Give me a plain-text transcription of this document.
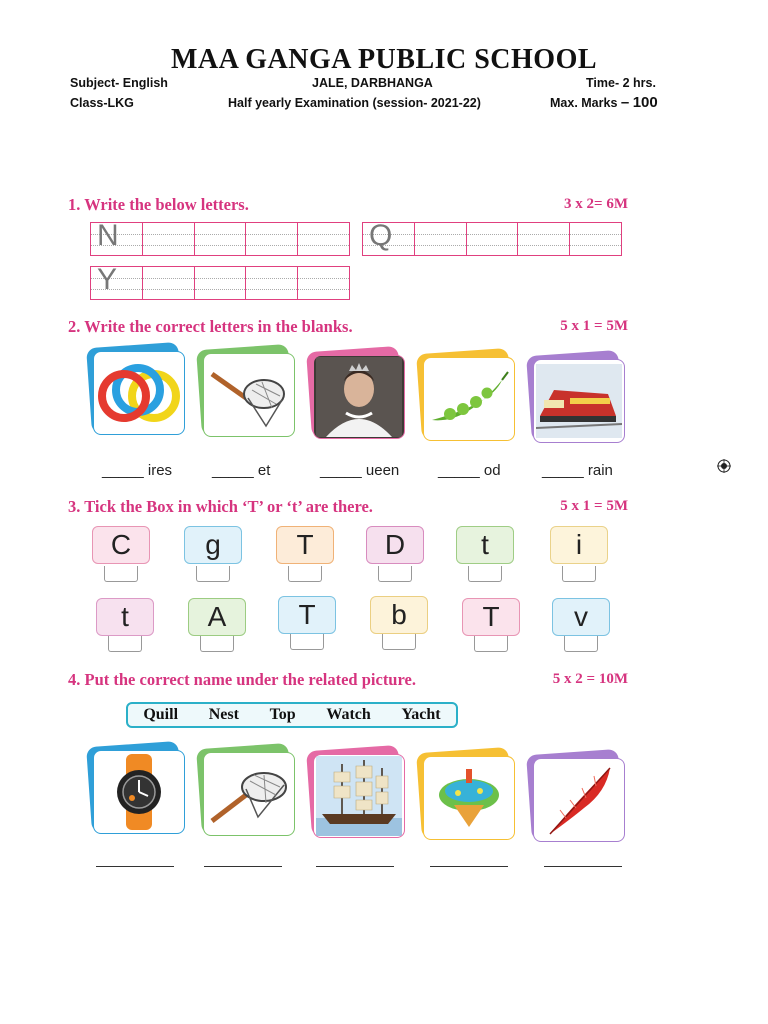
MAA GANGA PUBLIC SCHOOL
Subject- English	JALE, DARBHANGA	Time- 2 hrs.
Class-LKG	Half yearly Examination (session- 2021-22)	Max. Marks – 100
1. Write the below letters.	3 x 2= 6M
N	Q
Y
2. Write the correct letters in the blanks.	5 x 1 = 5M
_____ ires	_____ et	_____ ueen	_____ od	_____ rain
3. Tick the Box in which ‘T’ or ‘t’ are there.	5 x 1 = 5M
C	g	T	D	t	i
t	A	T	b	T	v
4. Put the correct name under the related picture.	5 x 2 = 10M
Quill Nest Top Watch Yacht
